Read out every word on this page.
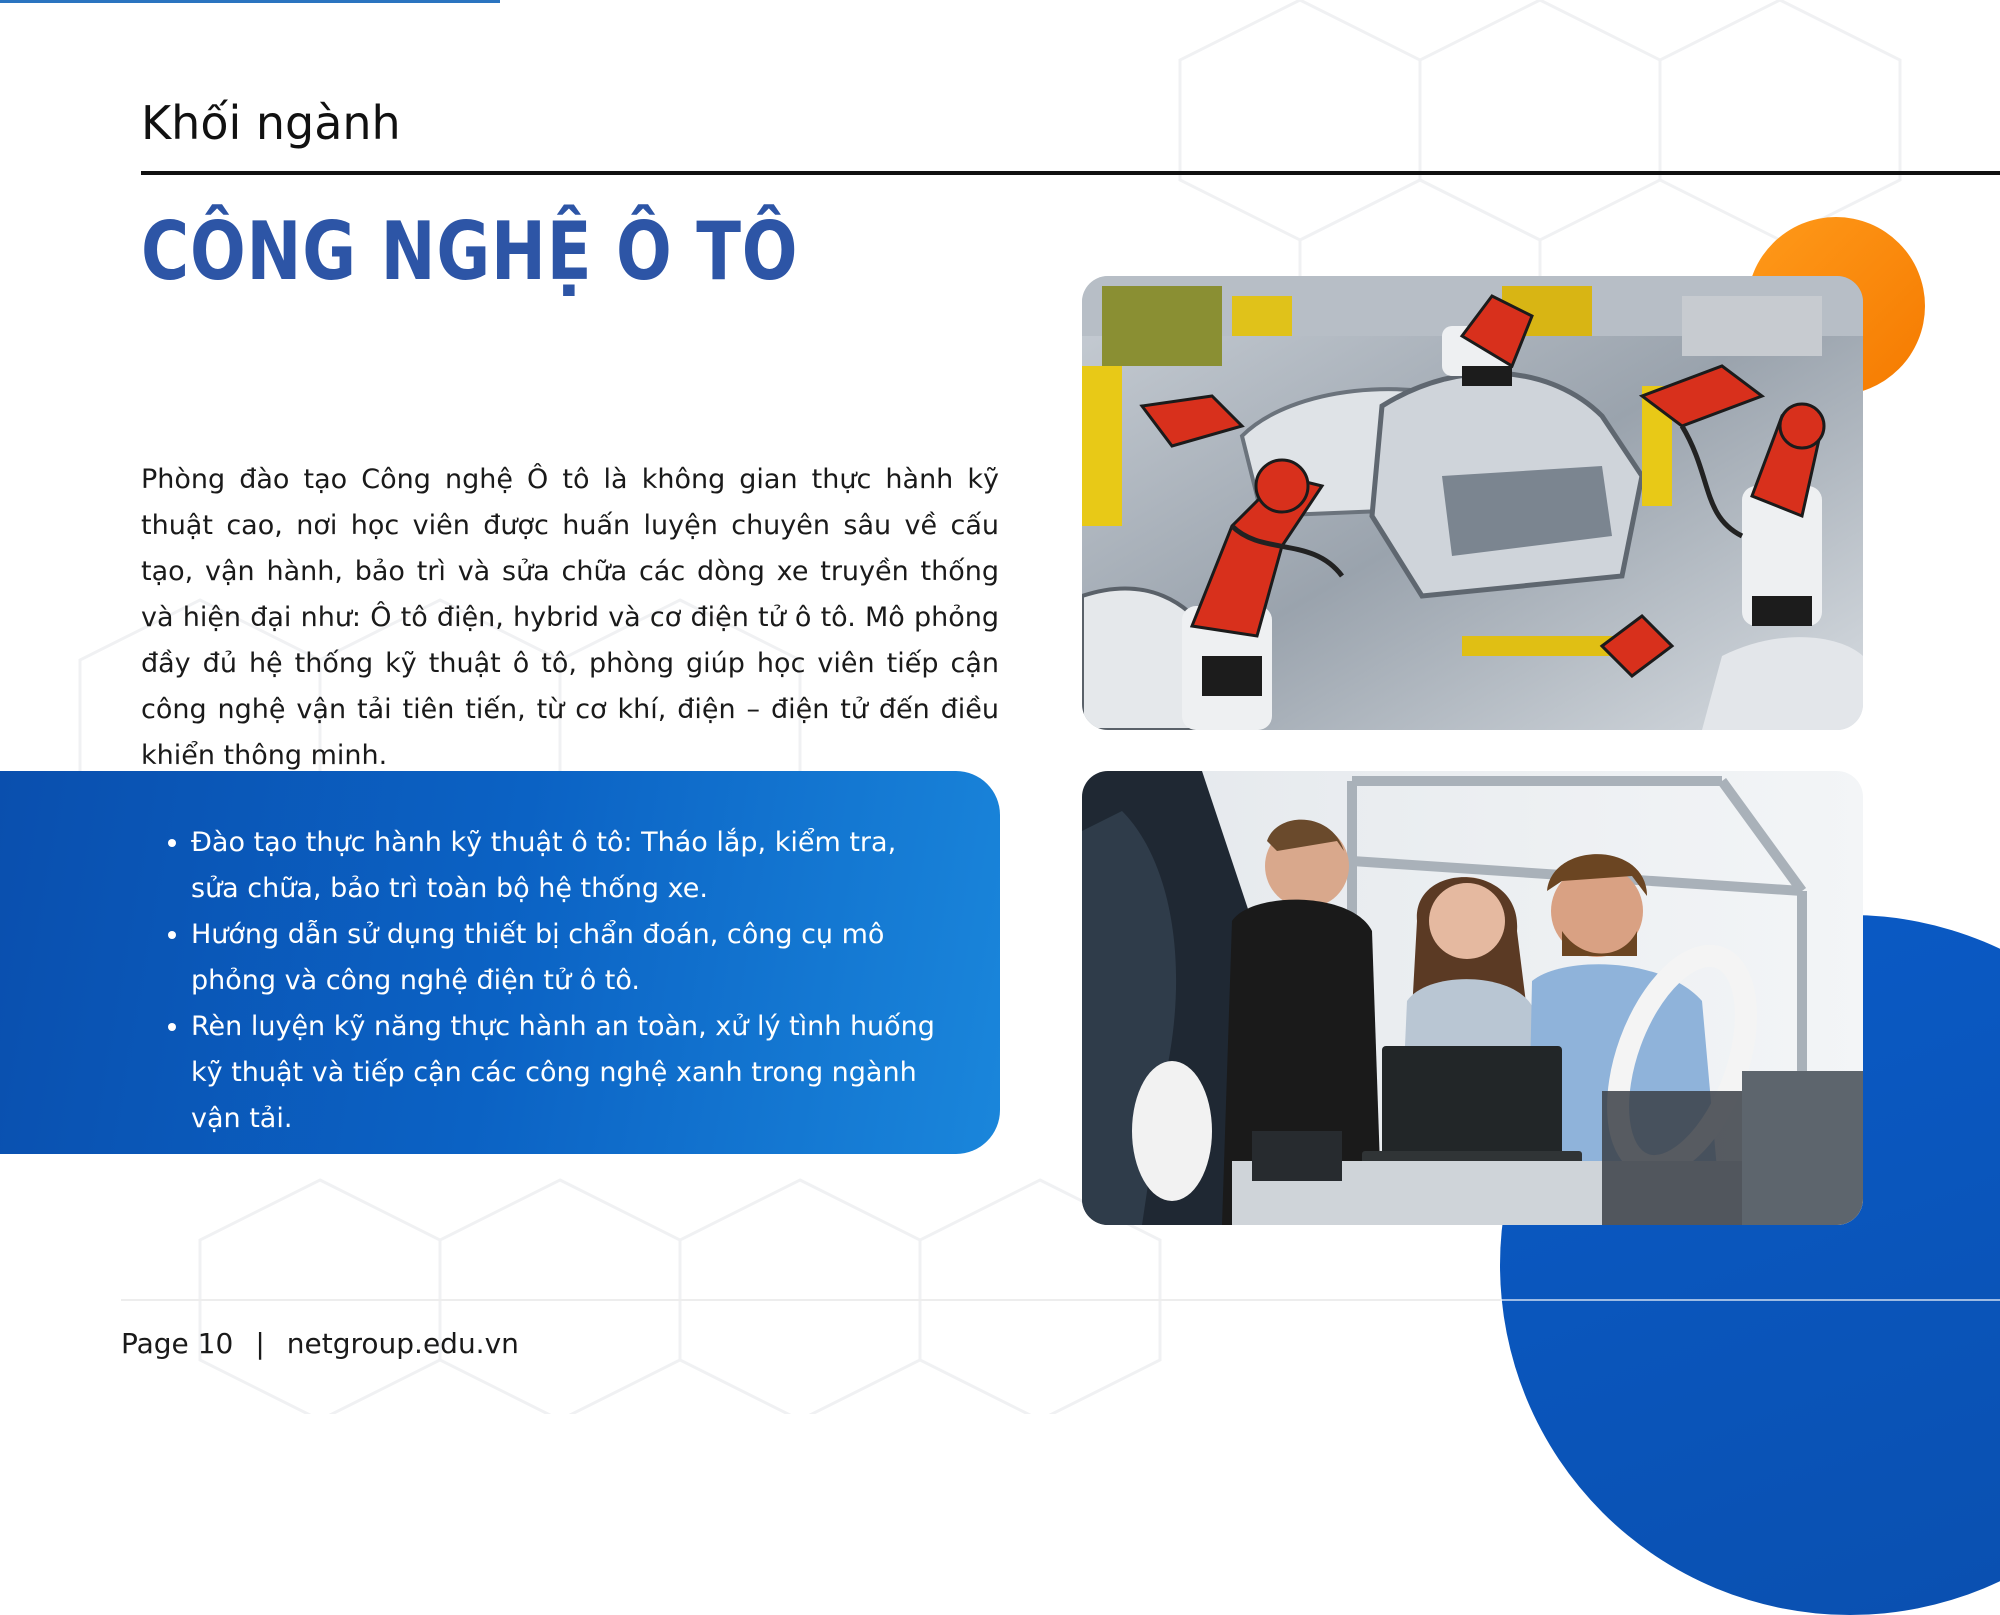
Khối ngành
CÔNG NGHỆ Ô TÔ

Phòng đào tạo Công nghệ Ô tô là không gian thực hành kỹ thuật cao, nơi học viên được huấn luyện chuyên sâu về cấu tạo, vận hành, bảo trì và sửa chữa các dòng xe truyền thống và hiện đại như: Ô tô điện, hybrid và cơ điện tử ô tô. Mô phỏng đầy đủ hệ thống kỹ thuật ô tô, phòng giúp học viên tiếp cận công nghệ vận tải tiên tiến, từ cơ khí, điện – điện tử đến điều khiển thông minh.

• Đào tạo thực hành kỹ thuật ô tô: Tháo lắp, kiểm tra, sửa chữa, bảo trì toàn bộ hệ thống xe.
• Hướng dẫn sử dụng thiết bị chẩn đoán, công cụ mô phỏng và công nghệ điện tử ô tô.
• Rèn luyện kỹ năng thực hành an toàn, xử lý tình huống kỹ thuật và tiếp cận các công nghệ xanh trong ngành vận tải.
Page 10 | netgroup.edu.vn
